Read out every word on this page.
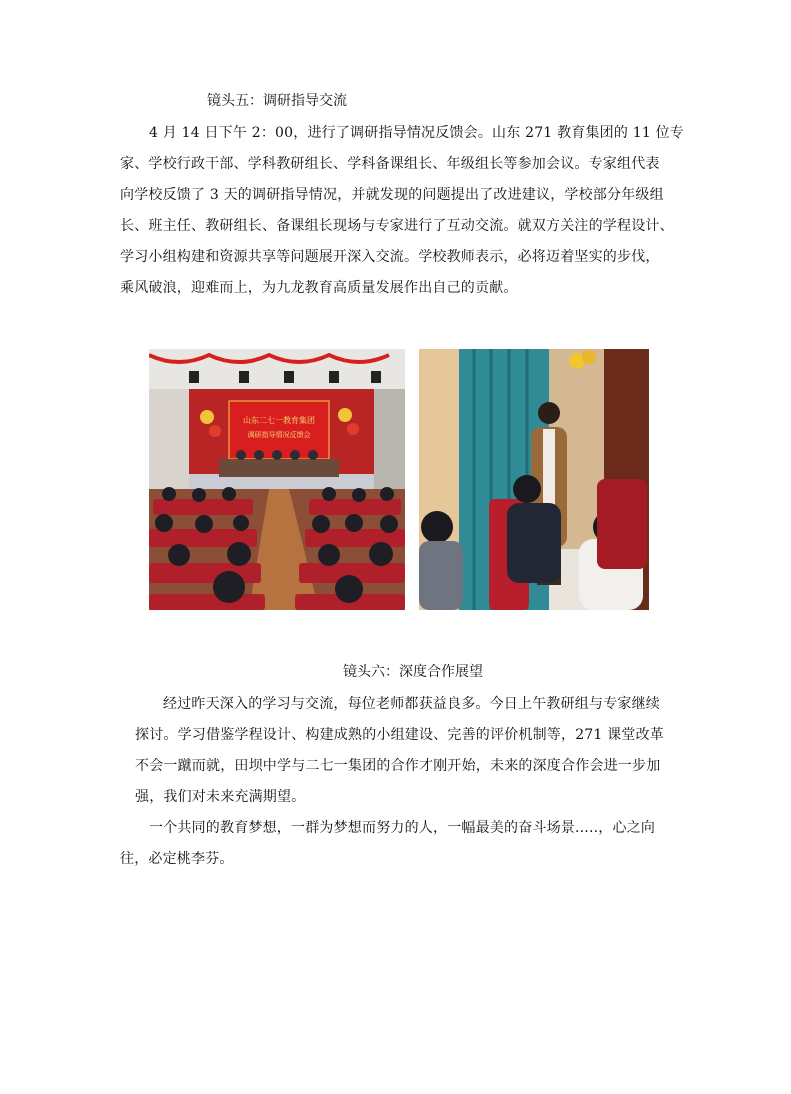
镜头五：调研指导交流
4 月 14 日下午 2：00，进行了调研指导情况反馈会。山东 271 教育集团的 11 位专
家、学校行政干部、学科教研组长、学科备课组长、年级组长等参加会议。专家组代表
向学校反馈了 3 天的调研指导情况，并就发现的问题提出了改进建议，学校部分年级组
长、班主任、教研组长、备课组长现场与专家进行了互动交流。就双方关注的学程设计、
学习小组构建和资源共享等问题展开深入交流。学校教师表示，必将迈着坚实的步伐，
乘风破浪，迎难而上，为九龙教育高质量发展作出自己的贡献。
山东二七一教育集团
调研指导情况反馈会
镜头六：深度合作展望
经过昨天深入的学习与交流，每位老师都获益良多。今日上午教研组与专家继续
探讨。学习借鉴学程设计、构建成熟的小组建设、完善的评价机制等，271 课堂改革
不会一蹴而就，田坝中学与二七一集团的合作才刚开始，未来的深度合作会进一步加
强，我们对未来充满期望。
一个共同的教育梦想，一群为梦想而努力的人，一幅最美的奋斗场景.....，心之向
往，必定桃李芬。
